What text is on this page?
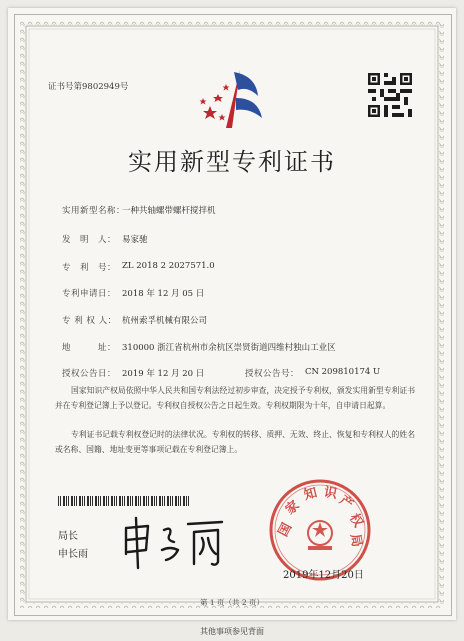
证书号第9802949号
实用新型专利证书
实用新型名称：
一种共轴螺带螺杆搅拌机
发　明　人： 易家驰
专　利　号： ZL 2018 2 2027571.0
专利申请日： 2018 年 12 月 05 日
专 利 权 人： 杭州索孚机械有限公司
地　　　址： 310000 浙江省杭州市余杭区崇贤街道四维村独山工业区
授权公告日： 2019 年 12 月 20 日	授权公告号： CN 209810174 U
国家知识产权局依照中华人民共和国专利法经过初步审查，决定授予专利权，颁发实用新型专利证书并在专利登记簿上予以登记。专利权自授权公告之日起生效。专利权期限为十年，自申请日起算。
专利证书记载专利权登记时的法律状况。专利权的转移、质押、无效、终止、恢复和专利权人的姓名或名称、国籍、地址变更等事项记载在专利登记簿上。
局长
申长雨
国
家
知 识
产
权
局
2019年12月20日
第 1 页（共 2 页）
其他事项参见背面
